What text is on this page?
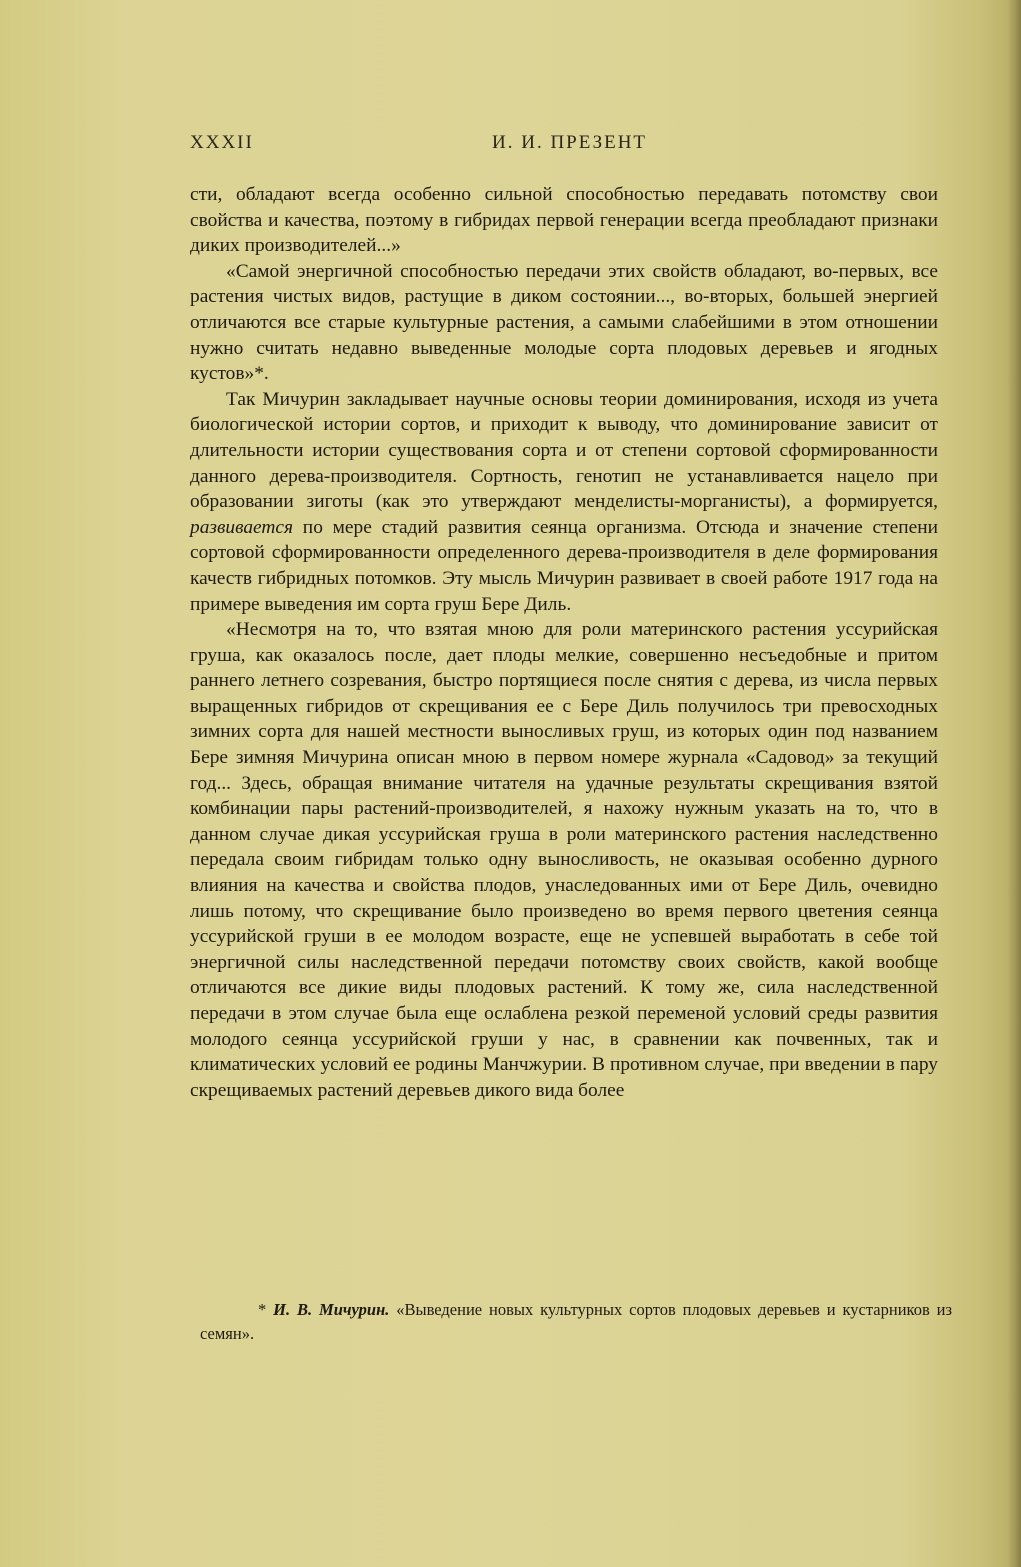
XXXII	И. И. ПРЕЗЕНТ

сти, обладают всегда особенно сильной способностью передавать потомству свои свойства и качества, поэтому в гибридах первой генерации всегда преобладают признаки диких производителей...»

«Самой энергичной способностью передачи этих свойств обладают, во-первых, все растения чистых видов, растущие в диком состоянии..., во-вторых, большей энергией отличаются все старые культурные растения, а самыми слабейшими в этом отношении нужно считать недавно выведенные молодые сорта плодовых деревьев и ягодных кустов»*.

Так Мичурин закладывает научные основы теории доминирования, исходя из учета биологической истории сортов, и приходит к выводу, что доминирование зависит от длительности истории существования сорта и от степени сортовой сформированности данного дерева-производителя. Сортность, генотип не устанавливается нацело при образовании зиготы (как это утверждают менделисты-морганисты), а формируется, развивается по мере стадий развития сеянца организма. Отсюда и значение степени сортовой сформированности определенного дерева-производителя в деле формирования качеств гибридных потомков. Эту мысль Мичурин развивает в своей работе 1917 года на примере выведения им сорта груш Бере Диль.

«Несмотря на то, что взятая мною для роли материнского растения уссурийская груша, как оказалось после, дает плоды мелкие, совершенно несъедобные и притом раннего летнего созревания, быстро портящиеся после снятия с дерева, из числа первых выращенных гибридов от скрещивания ее с Бере Диль получилось три превосходных зимних сорта для нашей местности выносливых груш, из которых один под названием Бере зимняя Мичурина описан мною в первом номере журнала «Садовод» за текущий год... Здесь, обращая внимание читателя на удачные результаты скрещивания взятой комбинации пары растений-производителей, я нахожу нужным указать на то, что в данном случае дикая уссурийская груша в роли материнского растения наследственно передала своим гибридам только одну выносливость, не оказывая особенно дурного влияния на качества и свойства плодов, унаследованных ими от Бере Диль, очевидно лишь потому, что скрещивание было произведено во время первого цветения сеянца уссурийской груши в ее молодом возрасте, еще не успевшей выработать в себе той энергичной силы наследственной передачи потомству своих свойств, какой вообще отличаются все дикие виды плодовых растений. К тому же, сила наследственной передачи в этом случае была еще ослаблена резкой переменой условий среды развития молодого сеянца уссурийской груши у нас, в сравнении как почвенных, так и климатических условий ее родины Манчжурии. В противном случае, при введении в пару скрещиваемых растений деревьев дикого вида более

* И. В. Мичурин. «Выведение новых культурных сортов плодовых деревьев и кустарников из семян».
